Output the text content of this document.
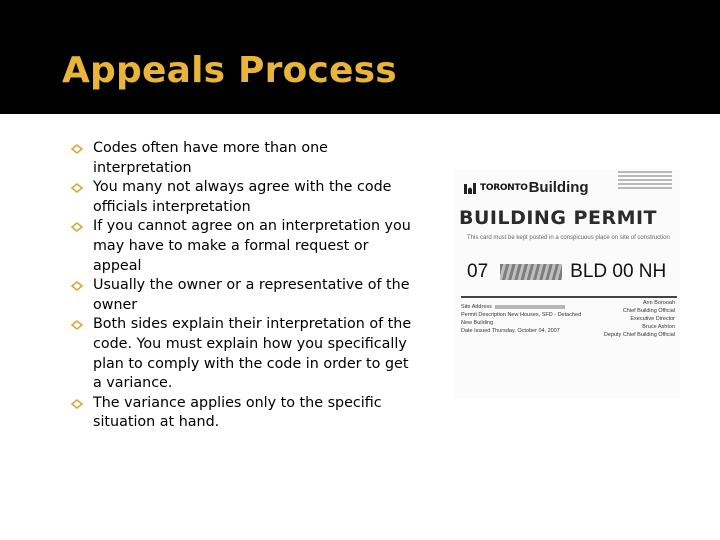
Appeals Process
Codes often have more than one interpretation
You many not always agree with the code officials interpretation
If you cannot agree on an interpretation you may have to make a formal request or appeal
Usually the owner or a representative of the owner
Both sides explain their interpretation of the code. You must explain how you specifically plan to comply with the code in order to get a variance.
The variance applies only to the specific situation at hand.
TORONTO Building
BUILDING PERMIT
This card must be kept posted in a conspicuous place on site of construction
07	BLD 00 NH
Site Address
Permit Description New Houses, SFD - Detached
New Building
Date Issued Thursday, October 04, 2007
Ann Borooah
Chief Building Official
Executive Director
Bruce Ashton
Deputy Chief Building Official
